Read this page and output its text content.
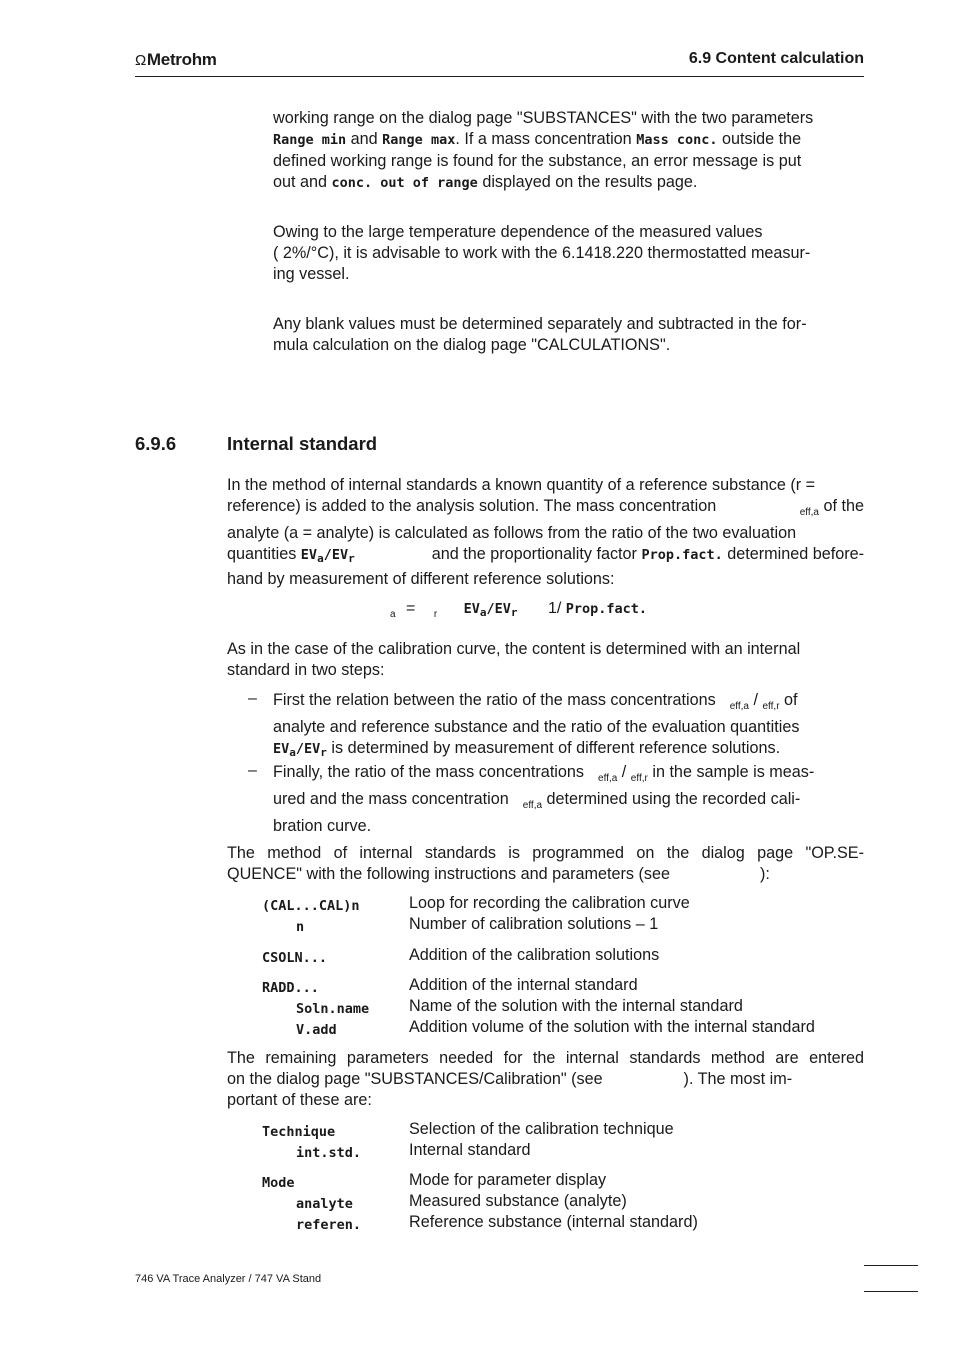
ΩMetrohm	6.9 Content calculation
working range on the dialog page "SUBSTANCES" with the two parameters
Range min and Range max. If a mass concentration Mass conc. outside the
defined working range is found for the substance, an error message is put
out and conc. out of range displayed on the results page.
Owing to the large temperature dependence of the measured values
( 2%/°C), it is advisable to work with the 6.1418.220 thermostatted measur-
ing vessel.
Any blank values must be determined separately and subtracted in the for-
mula calculation on the dialog page "CALCULATIONS".
6.9.6	Internal standard
In the method of internal standards a known quantity of a reference substance (r =
reference) is added to the analysis solution. The mass concentration	$_{eff,a}$ of the
analyte (a = analyte) is calculated as follows from the ratio of the two evaluation
quantities $EV_a/EV_r$	and the proportionality factor Prop.fact. determined before-
hand by measurement of different reference solutions:
$_a$ = $_r$ $EV_a/EV_r$ 1/ Prop.fact.
As in the case of the calibration curve, the content is determined with an internal
standard in two steps:
– First the relation between the ratio of the mass concentrations $_{eff,a}$ / $_{eff,r}$ of
analyte and reference substance and the ratio of the evaluation quantities
$EV_a/EV_r$ is determined by measurement of different reference solutions.
– Finally, the ratio of the mass concentrations $_{eff,a}$ / $_{eff,r}$ in the sample is meas-
ured and the mass concentration $_{eff,a}$ determined using the recorded cali-
bration curve.
The method of internal standards is programmed on the dialog page "OP.SE-
QUENCE" with the following instructions and parameters (see                    ):
(CAL...CAL)n	Loop for recording the calibration curve
n	Number of calibration solutions – 1
CSOLN...	Addition of the calibration solutions
RADD...	Addition of the internal standard
Soln.name Name of the solution with the internal standard
V.add	Addition volume of the solution with the internal standard
The remaining parameters needed for the internal standards method are entered
on the dialog page "SUBSTANCES/Calibration" (see                  ). The most im-
portant of these are:
Technique	Selection of the calibration technique
int.std.	Internal standard
Mode	Mode for parameter display
analyte	Measured substance (analyte)
referen.	Reference substance (internal standard)
746 VA Trace Analyzer / 747 VA Stand
